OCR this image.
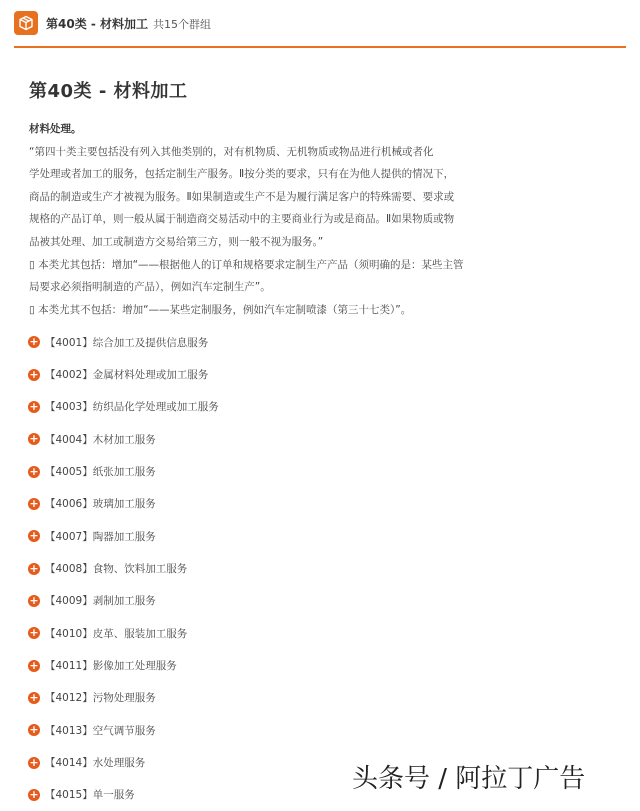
第40类 - 材料加工 共15个群组
第40类 - 材料加工

材料处理。

“第四十类主要包括没有列入其他类别的，对有机物质、无机物质或物品进行机械或者化

学处理或者加工的服务，包括定制生产服务。Ⅱ按分类的要求，只有在为他人提供的情况下，

商品的制造或生产才被视为服务。Ⅱ如果制造或生产不是为履行满足客户的特殊需要、要求或

规格的产品订单，则一般从属于制造商交易活动中的主要商业行为或是商品。Ⅱ如果物质或物

品被其处理、加工或制造方交易给第三方，则一般不视为服务。”

▯ 本类尤其包括：增加“——根据他人的订单和规格要求定制生产产品（须明确的是：某些主管

局要求必须指明制造的产品），例如汽车定制生产”。

▯ 本类尤其不包括：增加“——某些定制服务，例如汽车定制喷漆（第三十七类）”。

+ 【4001】综合加工及提供信息服务
+ 【4002】金属材料处理或加工服务
+ 【4003】纺织品化学处理或加工服务
+ 【4004】木材加工服务
+ 【4005】纸张加工服务
+ 【4006】玻璃加工服务
+ 【4007】陶器加工服务
+ 【4008】食物、饮料加工服务
+ 【4009】剥制加工服务
+ 【4010】皮革、服装加工服务
+ 【4011】影像加工处理服务
+ 【4012】污物处理服务
+ 【4013】空气调节服务
+ 【4014】水处理服务
+ 【4015】单一服务
头条号 / 阿拉丁广告
